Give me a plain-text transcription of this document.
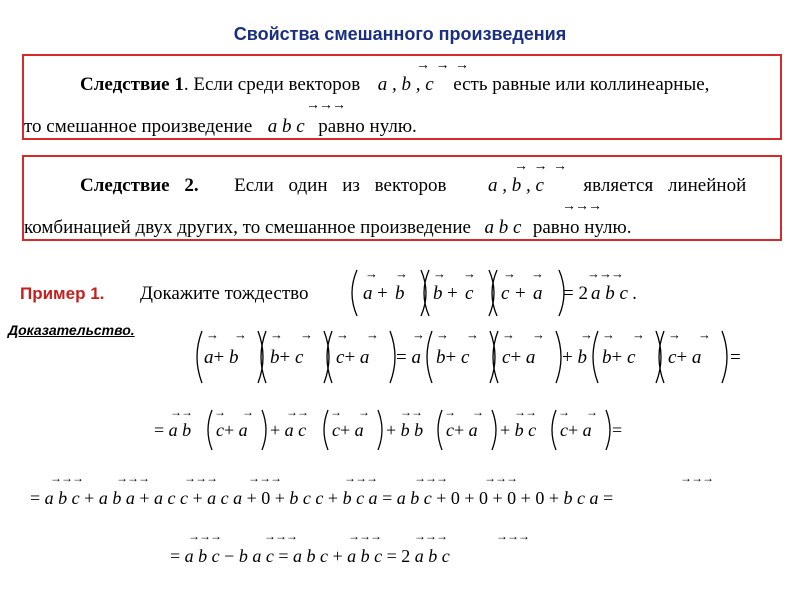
Свойства смешанного произведения
→ → →
Следствие 1. Если среди векторов a , b , c есть равные или коллинеарные,
→→→
то смешанное произведение a b c равно нулю.
→ → →
Следствие 2. Если один из векторов a , b , c является линейной
→→→
комбинацией двух других, то смешанное произведение a b c равно нулю.
Пример 1. Докажите тождество
→ → → → → →	→→→
a + b b + c c + a = 2 a b c .
Доказательство.	→ → → → → →	→ → → → →	→ → → → →
a+ b b+ c c+ a = a b+ c c+ a + b b+ c c+ a =
→→ → →	→→ → →	→→ → →	→→ → →
= a b c+ a + a c c+ a + b b c+ a + b c c+ a =
→→→	→→→	→→→	→→→	→→→	→→→	→→→	→→→
= a b c + a b a + a c c + a c a + 0 + b c c + b c a = a b c + 0 + 0 + 0 + 0 + b c a =
→→→	→→→	→→→	→→→	→→→
= a b c − b a c = a b c + a b c = 2 a b c
